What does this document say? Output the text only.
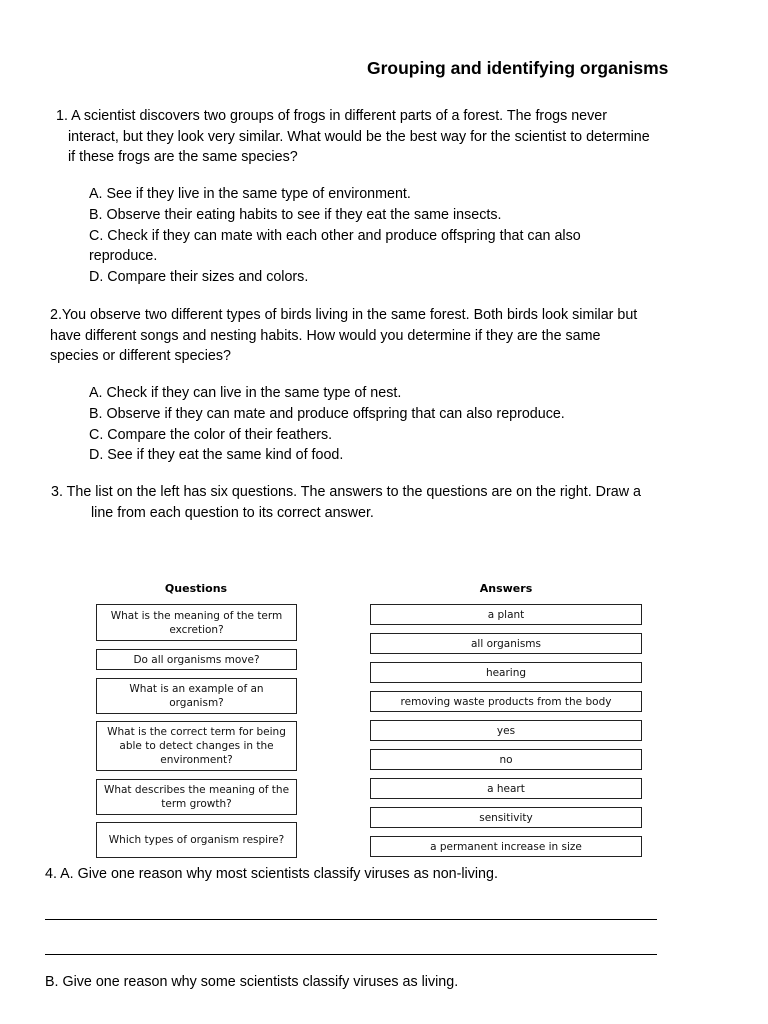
Grouping and identifying organisms
1. A scientist discovers two groups of frogs in different parts of a forest. The frogs never
interact, but they look very similar. What would be the best way for the scientist to determine
if these frogs are the same species?
A. See if they live in the same type of environment.
B. Observe their eating habits to see if they eat the same insects.
C. Check if they can mate with each other and produce offspring that can also
reproduce.
D. Compare their sizes and colors.
2.You observe two different types of birds living in the same forest. Both birds look similar but
have different songs and nesting habits. How would you determine if they are the same
species or different species?
A. Check if they can live in the same type of nest.
B. Observe if they can mate and produce offspring that can also reproduce.
C. Compare the color of their feathers.
D. See if they eat the same kind of food.
3. The list on the left has six questions. The answers to the questions are on the right. Draw a
line from each question to its correct answer.
Questions	Answers
What is the meaning of the term excretion?
Do all organisms move?
What is an example of an organism?
What is the correct term for being able to detect changes in the environment?
What describes the meaning of the term growth?
Which types of organism respire?
a plant
all organisms
hearing
removing waste products from the body
yes
no
a heart
sensitivity
a permanent increase in size
4. A. Give one reason why most scientists classify viruses as non-living.
B. Give one reason why some scientists classify viruses as living.
